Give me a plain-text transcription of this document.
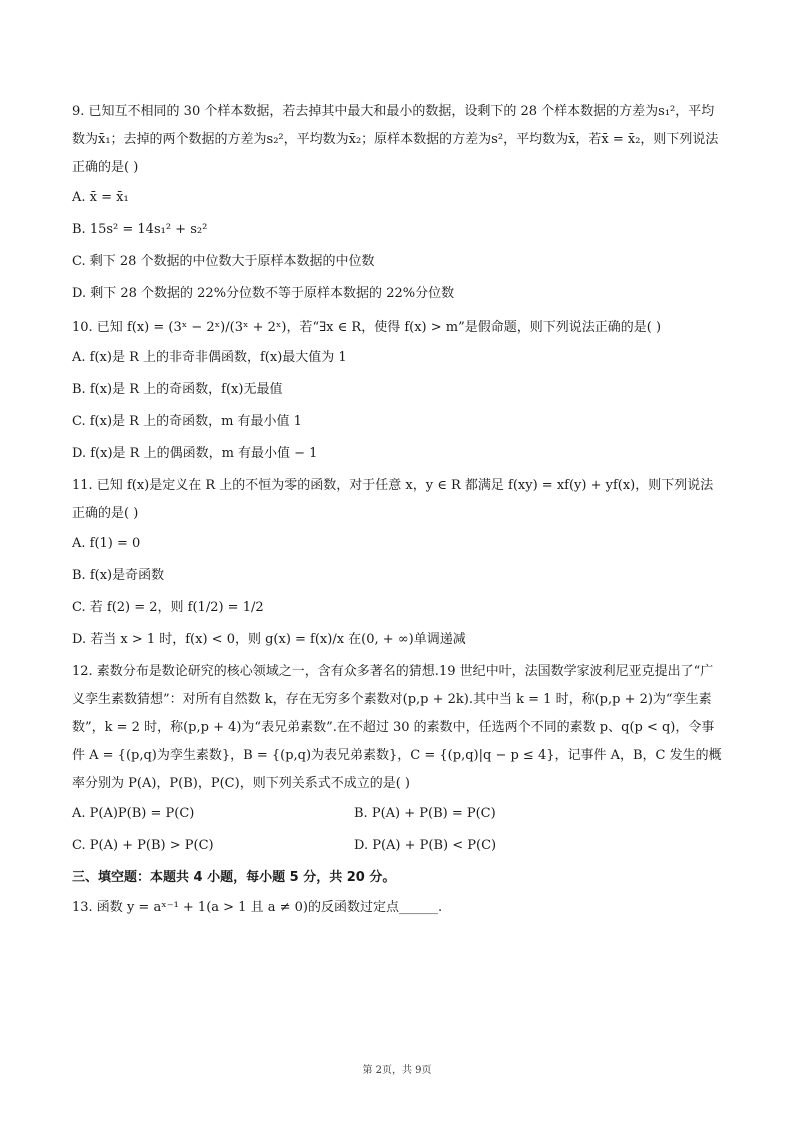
9. 已知互不相同的 30 个样本数据，若去掉其中最大和最小的数据，设剩下的 28 个样本数据的方差为s₁²，平均数为x̄₁；去掉的两个数据的方差为s₂²，平均数为x̄₂；原样本数据的方差为s²，平均数为x̄，若x̄ = x̄₂，则下列说法正确的是( )

A. x̄ = x̄₁

B. 15s² = 14s₁² + s₂²

C. 剩下 28 个数据的中位数大于原样本数据的中位数

D. 剩下 28 个数据的 22%分位数不等于原样本数据的 22%分位数

10. 已知 f(x) = (3ˣ − 2ˣ)/(3ˣ + 2ˣ)，若“∃x ∈ R，使得 f(x) > m”是假命题，则下列说法正确的是( )

A. f(x)是 R 上的非奇非偶函数，f(x)最大值为 1

B. f(x)是 R 上的奇函数，f(x)无最值

C. f(x)是 R 上的奇函数，m 有最小值 1

D. f(x)是 R 上的偶函数，m 有最小值 − 1

11. 已知 f(x)是定义在 R 上的不恒为零的函数，对于任意 x，y ∈ R 都满足 f(xy) = xf(y) + yf(x)，则下列说法正确的是( )

A. f(1) = 0

B. f(x)是奇函数

C. 若 f(2) = 2，则 f(1/2) = 1/2

D. 若当 x > 1 时，f(x) < 0，则 g(x) = f(x)/x 在(0, + ∞)单调递减

12. 素数分布是数论研究的核心领域之一，含有众多著名的猜想.19 世纪中叶，法国数学家波利尼亚克提出了“广义孪生素数猜想”：对所有自然数 k，存在无穷多个素数对(p,p + 2k).其中当 k = 1 时，称(p,p + 2)为“孪生素数”，k = 2 时，称(p,p + 4)为“表兄弟素数”.在不超过 30 的素数中，任选两个不同的素数 p、q(p < q)，令事件 A = {(p,q)为孪生素数}，B = {(p,q)为表兄弟素数}，C = {(p,q)|q − p ≤ 4}，记事件 A，B，C 发生的概率分别为 P(A)，P(B)，P(C)，则下列关系式不成立的是( )

A. P(A)P(B) = P(C)	B. P(A) + P(B) = P(C)

C. P(A) + P(B) > P(C)	D. P(A) + P(B) < P(C)

三、填空题：本题共 4 小题，每小题 5 分，共 20 分。

13. 函数 y = aˣ⁻¹ + 1(a > 1 且 a ≠ 0)的反函数过定点______.

第 2页，共 9页
